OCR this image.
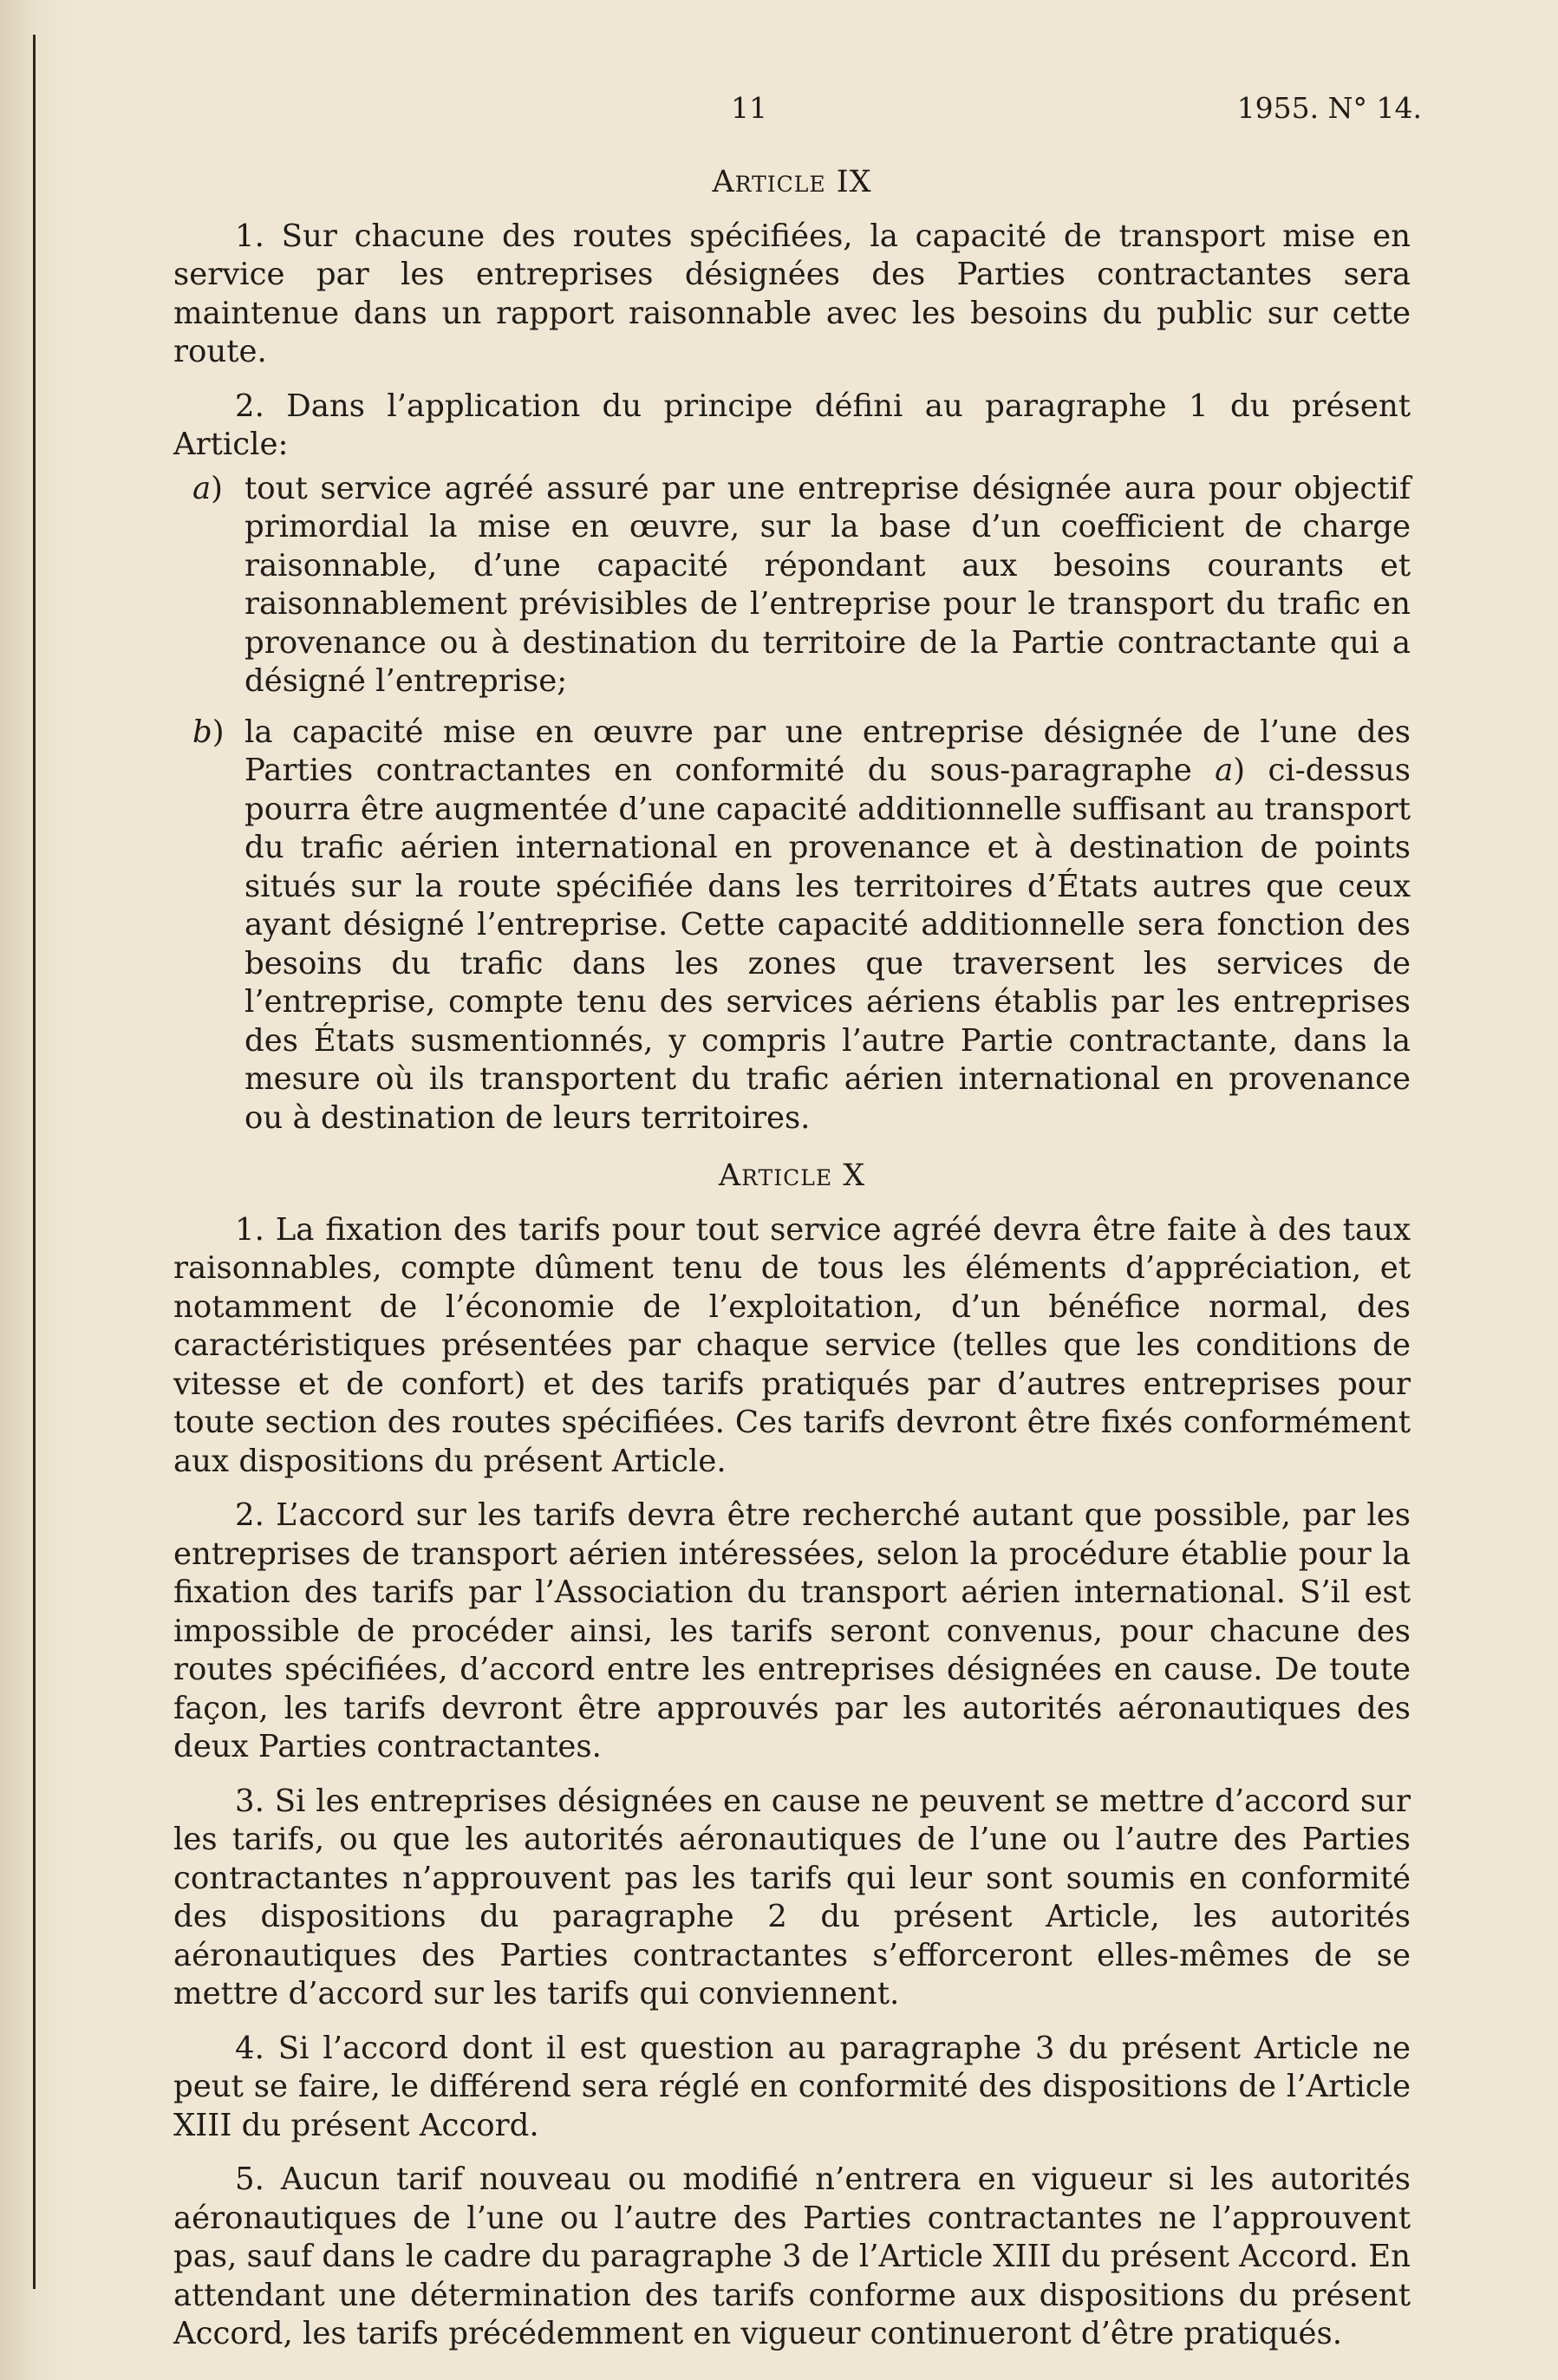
11	1955. N° 14.
Article IX

1. Sur chacune des routes spécifiées, la capacité de transport mise en service par les entreprises désignées des Parties contractantes sera maintenue dans un rapport raisonnable avec les besoins du public sur cette route.

2. Dans l’application du principe défini au paragraphe 1 du présent Article:

a) tout service agréé assuré par une entreprise désignée aura pour objectif primordial la mise en œuvre, sur la base d’un coefficient de charge raisonnable, d’une capacité répondant aux besoins courants et raisonnablement prévisibles de l’entreprise pour le transport du trafic en provenance ou à destination du territoire de la Partie contractante qui a désigné l’entreprise;
b) la capacité mise en œuvre par une entreprise désignée de l’une des Parties contractantes en conformité du sous-paragraphe a) ci-dessus pourra être augmentée d’une capacité additionnelle suffisant au transport du trafic aérien international en provenance et à destination de points situés sur la route spécifiée dans les territoires d’États autres que ceux ayant désigné l’entreprise. Cette capacité additionnelle sera fonction des besoins du trafic dans les zones que traversent les services de l’entreprise, compte tenu des services aériens établis par les entreprises des États susmentionnés, y compris l’autre Partie contractante, dans la mesure où ils transportent du trafic aérien international en provenance ou à destination de leurs territoires.
Article X

1. La fixation des tarifs pour tout service agréé devra être faite à des taux raisonnables, compte dûment tenu de tous les éléments d’appréciation, et notamment de l’économie de l’exploitation, d’un bénéfice normal, des caractéristiques présentées par chaque service (telles que les conditions de vitesse et de confort) et des tarifs pratiqués par d’autres entreprises pour toute section des routes spécifiées. Ces tarifs devront être fixés conformément aux dispositions du présent Article.

2. L’accord sur les tarifs devra être recherché autant que possible, par les entreprises de transport aérien intéressées, selon la procédure établie pour la fixation des tarifs par l’Association du transport aérien international. S’il est impossible de procéder ainsi, les tarifs seront convenus, pour chacune des routes spécifiées, d’accord entre les entreprises désignées en cause. De toute façon, les tarifs devront être approuvés par les autorités aéronautiques des deux Parties contractantes.

3. Si les entreprises désignées en cause ne peuvent se mettre d’accord sur les tarifs, ou que les autorités aéronautiques de l’une ou l’autre des Parties contractantes n’approuvent pas les tarifs qui leur sont soumis en conformité des dispositions du paragraphe 2 du présent Article, les autorités aéronautiques des Parties contractantes s’efforceront elles-mêmes de se mettre d’accord sur les tarifs qui conviennent.

4. Si l’accord dont il est question au paragraphe 3 du présent Article ne peut se faire, le différend sera réglé en conformité des dispositions de l’Article XIII du présent Accord.

5. Aucun tarif nouveau ou modifié n’entrera en vigueur si les autorités aéronautiques de l’une ou l’autre des Parties contractantes ne l’approuvent pas, sauf dans le cadre du paragraphe 3 de l’Article XIII du présent Accord. En attendant une détermination des tarifs conforme aux dispositions du présent Accord, les tarifs précédemment en vigueur continueront d’être pratiqués.
